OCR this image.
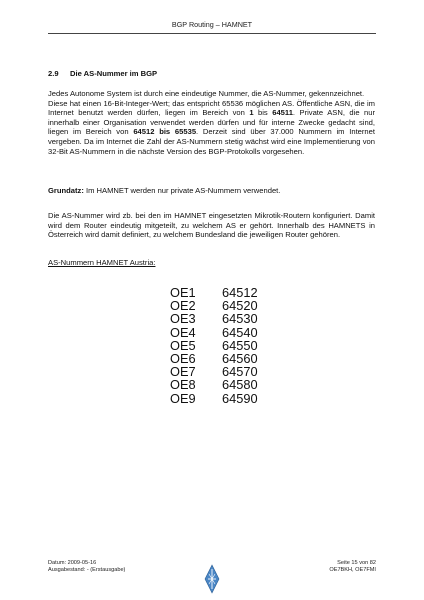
BGP Routing – HAMNET
2.9 Die AS-Nummer im BGP
Jedes Autonome System ist durch eine eindeutige Nummer, die AS-Nummer, gekennzeichnet.
Diese hat einen 16-Bit-Integer-Wert; das entspricht 65536 möglichen AS. Öffentliche ASN, die im Internet benutzt werden dürfen, liegen im Bereich von 1 bis 64511. Private ASN, die nur innerhalb einer Organisation verwendet werden dürfen und für interne Zwecke gedacht sind, liegen im Bereich von 64512 bis 65535. Derzeit sind über 37.000 Nummern im Internet vergeben. Da im Internet die Zahl der AS-Nummern stetig wächst wird eine Implementierung von 32-Bit AS-Nummern in die nächste Version des BGP-Protokolls vorgesehen.
Grundatz: Im HAMNET werden nur private AS-Nummern verwendet.
Die AS-Nummer wird zb. bei den im HAMNET eingesetzten Mikrotik-Routern konfiguriert. Damit wird dem Router eindeutig mitgeteilt, zu welchem AS er gehört. Innerhalb des HAMNETS in Österreich wird damit definiert, zu welchem Bundesland die jeweiligen Router gehören.
AS-Nummern HAMNET Austria:
OE1	64512
OE2	64520
OE3	64530
OE4	64540
OE5	64550
OE6	64560
OE7	64570
OE8	64580
OE9	64590
Datum: 2009-05-16
Ausgabestand: - (Erstausgabe)
Seite 15 von 82
OE7BKH, OE7FMI
